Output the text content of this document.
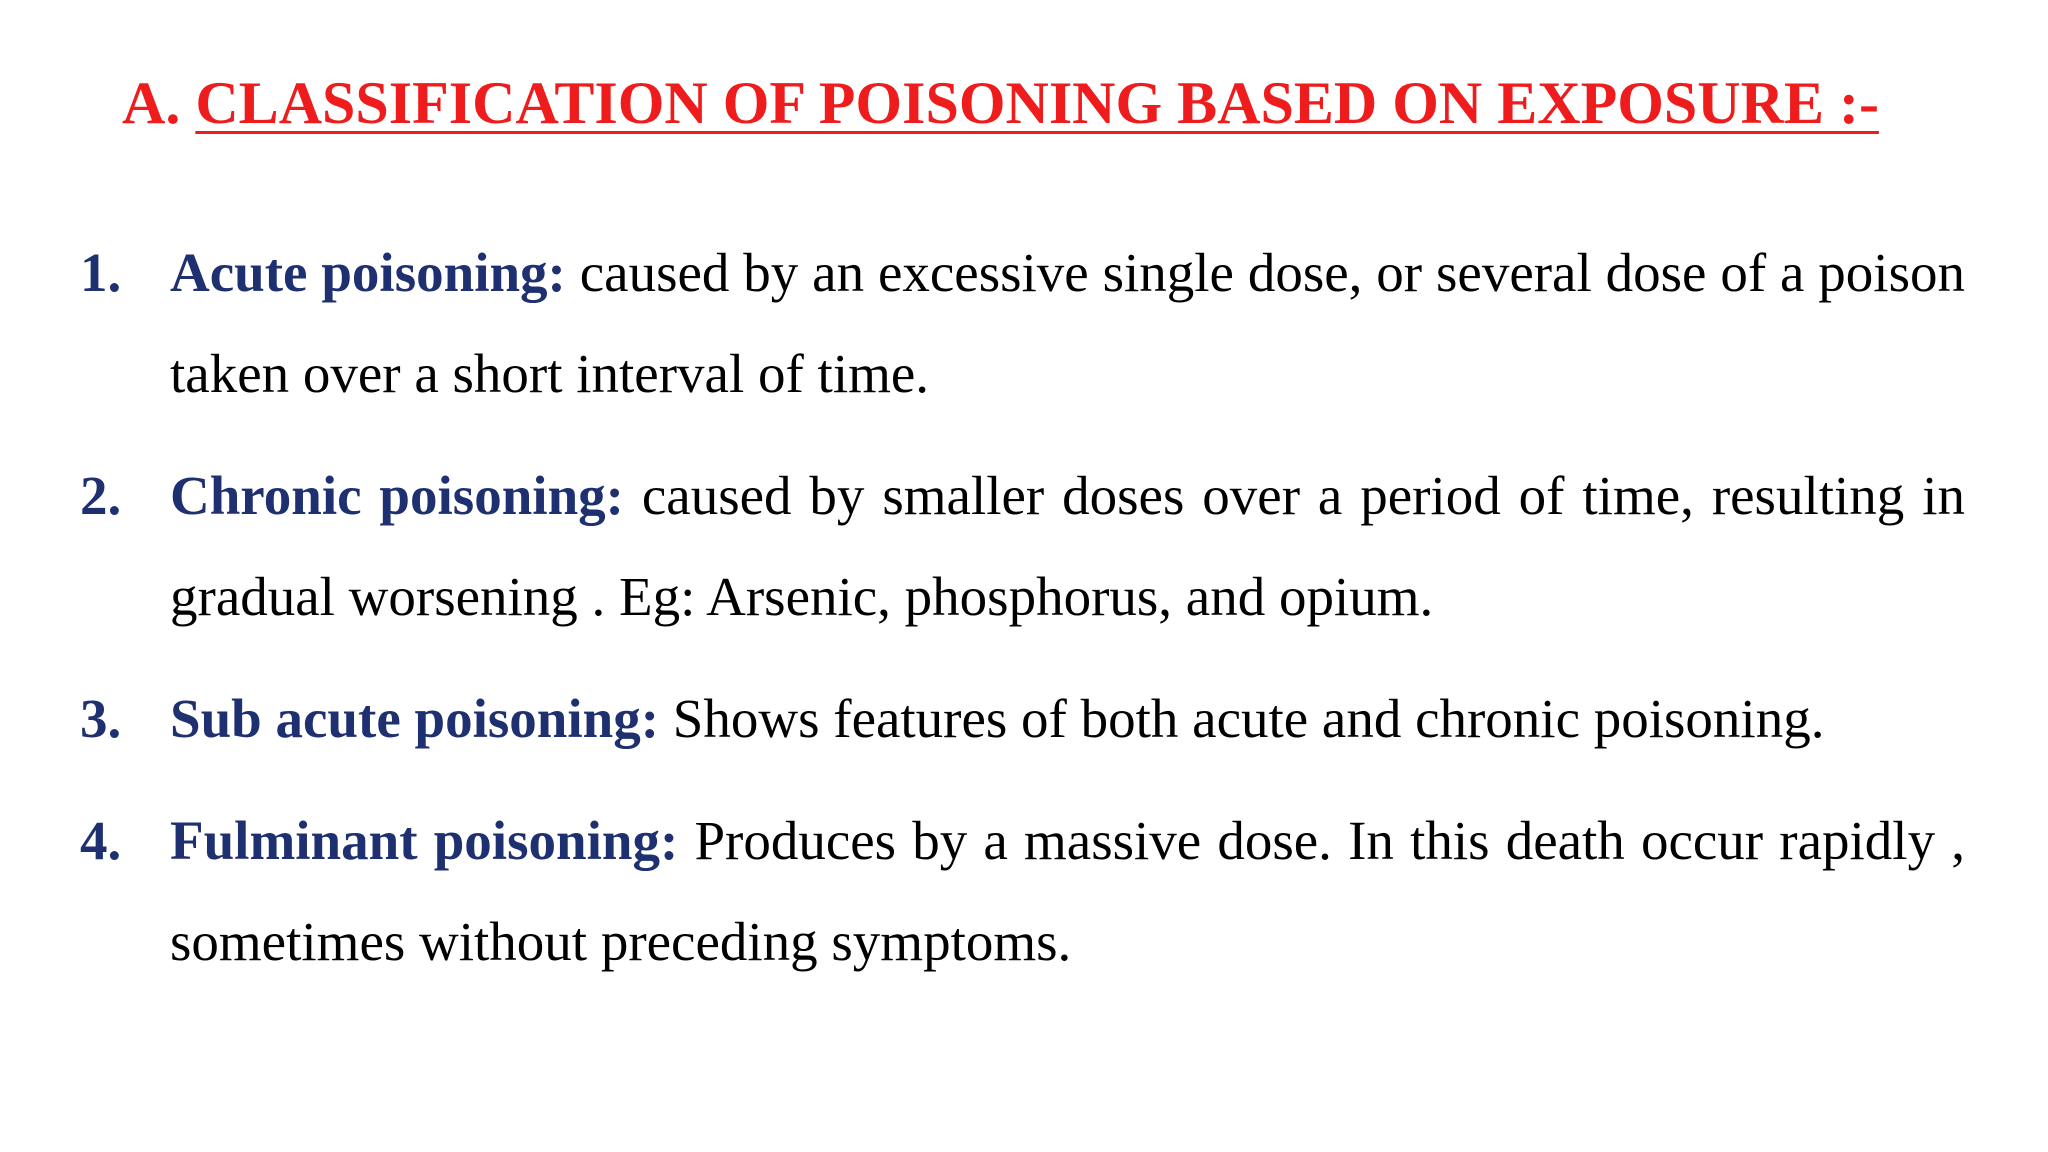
A. CLASSIFICATION OF POISONING BASED ON EXPOSURE :-
1. Acute poisoning: caused by an excessive single dose, or several dose of a poison taken over a short interval of time.
2. Chronic poisoning: caused by smaller doses over a period of time, resulting in gradual worsening . Eg: Arsenic, phosphorus, and opium.
3. Sub acute poisoning: Shows features of both acute and chronic poisoning.
4. Fulminant poisoning: Produces by a massive dose. In this death occur rapidly , sometimes without preceding symptoms.
